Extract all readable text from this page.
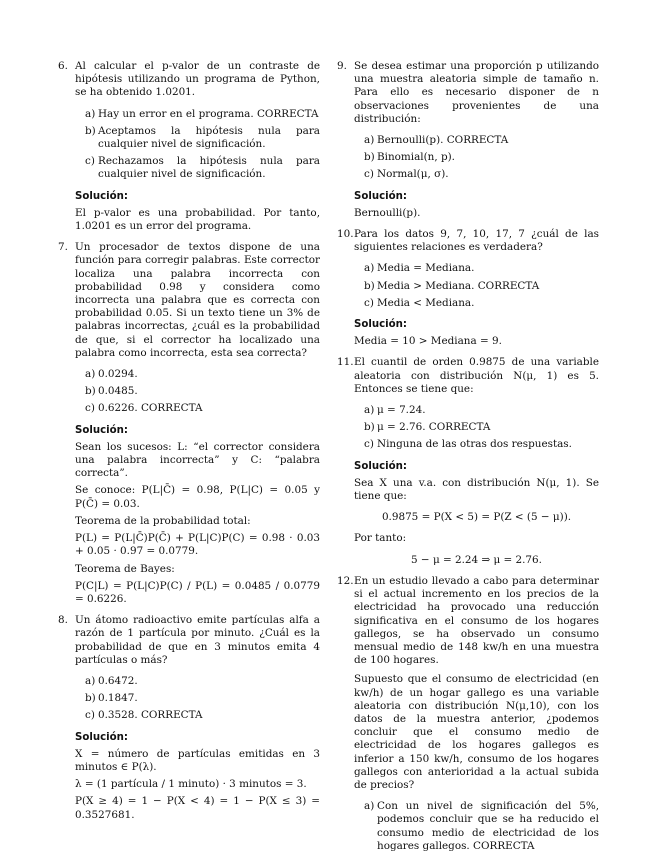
6. Al calcular el p-valor de un contraste de hipótesis utilizando un programa de Python, se ha obtenido 1.0201.
a) Hay un error en el programa. CORRECTA
b) Aceptamos la hipótesis nula para cualquier nivel de significación.
c) Rechazamos la hipótesis nula para cualquier nivel de significación.
Solución:
El p-valor es una probabilidad. Por tanto, 1.0201 es un error del programa.
7. Un procesador de textos dispone de una función para corregir palabras. Este corrector localiza una palabra incorrecta con probabilidad 0.98 y considera como incorrecta una palabra que es correcta con probabilidad 0.05. Si un texto tiene un 3% de palabras incorrectas, ¿cuál es la probabilidad de que, si el corrector ha localizado una palabra como incorrecta, esta sea correcta?
a) 0.0294.
b) 0.0485.
c) 0.6226. CORRECTA
Solución:
Sean los sucesos: L: “el corrector considera una palabra incorrecta” y C: “palabra correcta”.
Se conoce: P(L|C̄) = 0.98, P(L|C) = 0.05 y P(C̄) = 0.03.
Teorema de la probabilidad total:
P(L) = P(L|C̄)P(C̄) + P(L|C)P(C) = 0.98 · 0.03 + 0.05 · 0.97 = 0.0779.
Teorema de Bayes:
P(C|L) = P(L|C)P(C) / P(L) = 0.0485 / 0.0779 = 0.6226.
8. Un átomo radioactivo emite partículas alfa a razón de 1 partícula por minuto. ¿Cuál es la probabilidad de que en 3 minutos emita 4 partículas o más?
a) 0.6472.
b) 0.1847.
c) 0.3528. CORRECTA
Solución:
X = número de partículas emitidas en 3 minutos ∈ P(λ).
λ = (1 partícula / 1 minuto) · 3 minutos = 3.
P(X ≥ 4) = 1 − P(X < 4) = 1 − P(X ≤ 3) = 0.3527681.
9. Se desea estimar una proporción p utilizando una muestra aleatoria simple de tamaño n. Para ello es necesario disponer de n observaciones provenientes de una distribución:
a) Bernoulli(p). CORRECTA
b) Binomial(n, p).
c) Normal(μ, σ).
Solución:
Bernoulli(p).
10. Para los datos 9, 7, 10, 17, 7 ¿cuál de las siguientes relaciones es verdadera?
a) Media = Mediana.
b) Media > Mediana. CORRECTA
c) Media < Mediana.
Solución:
Media = 10 > Mediana = 9.
11. El cuantil de orden 0.9875 de una variable aleatoria con distribución N(μ, 1) es 5. Entonces se tiene que:
a) μ = 7.24.
b) μ = 2.76. CORRECTA
c) Ninguna de las otras dos respuestas.
Solución:
Sea X una v.a. con distribución N(μ, 1). Se tiene que:
0.9875 = P(X < 5) = P(Z < (5 − μ)).
Por tanto:
5 − μ = 2.24 ⇒ μ = 2.76.
12. En un estudio llevado a cabo para determinar si el actual incremento en los precios de la electricidad ha provocado una reducción significativa en el consumo de los hogares gallegos, se ha observado un consumo mensual medio de 148 kw/h en una muestra de 100 hogares.
Supuesto que el consumo de electricidad (en kw/h) de un hogar gallego es una variable aleatoria con distribución N(μ,10), con los datos de la muestra anterior, ¿podemos concluir que el consumo medio de electricidad de los hogares gallegos es inferior a 150 kw/h, consumo de los hogares gallegos con anterioridad a la actual subida de precios?
a) Con un nivel de significación del 5%, podemos concluir que se ha reducido el consumo medio de electricidad de los hogares gallegos. CORRECTA
